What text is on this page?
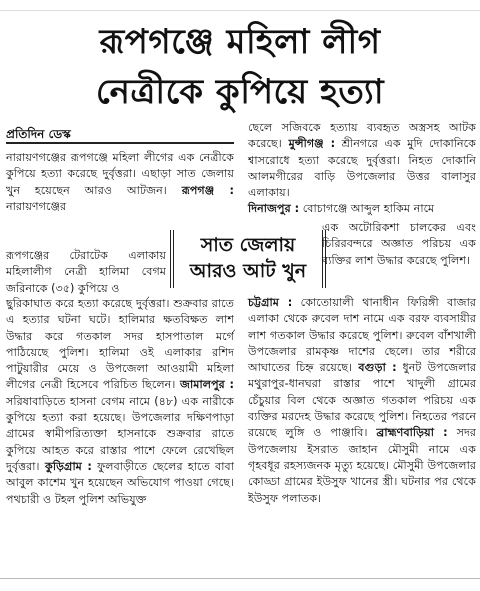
রূপগঞ্জে মহিলা লীগ
নেত্রীকে কুপিয়ে হত্যা
প্রতিদিন ডেস্ক

নারায়ণগঞ্জের রূপগঞ্জে মহিলা লীগের এক নেত্রীকে কুপিয়ে হত্যা করেছে দুর্বৃত্তরা। এছাড়া সাত জেলায় খুন হয়েছেন আরও আটজন। রূপগঞ্জ : নারায়ণগঞ্জের

রূপগঞ্জের টেরাটেক এলাকায় মহিলালীগ নেত্রী হালিমা বেগম জরিনাকে (৩৫) কুপিয়ে ও

সাত জেলায়
আরও আট খুন

ছুরিকাঘাত করে হত্যা করেছে দুর্বৃত্তরা। শুক্রবার রাতে এ হত্যার ঘটনা ঘটে। হালিমার ক্ষতবিক্ষত লাশ উদ্ধার করে গতকাল সদর হাসপাতাল মর্গে পাঠিয়েছে পুলিশ। হালিমা ওই এলাকার রশিদ পাটুয়ারীর মেয়ে ও উপজেলা আওয়ামী মহিলা লীগের নেত্রী হিসেবে পরিচিত ছিলেন। জামালপুর : সরিষাবাড়িতে হাসনা বেগম নামে (৪৮) এক নারীকে কুপিয়ে হত্যা করা হয়েছে। উপজেলার দক্ষিণপাড়া গ্রামের স্বামীপরিত্যক্তা হাসনাকে শুক্রবার রাতে কুপিয়ে আহত করে রাস্তার পাশে ফেলে রেখেছিল দুর্বৃত্তরা। কুড়িগ্রাম : ফুলবাড়ীতে ছেলের হাতে বাবা আবুল কাশেম খুন হয়েছেন অভিযোগ পাওয়া গেছে। পথচারী ও টহল পুলিশ অভিযুক্ত

ছেলে সজিবকে হত্যায় ব্যবহৃত অস্ত্রসহ আটক করেছে। মুন্সীগঞ্জ : শ্রীনগরে এক মুদি দোকানিকে শ্বাসরোধে হত্যা করেছে দুর্বৃত্তরা। নিহত দোকানি আলমগীরের বাড়ি উপজেলার উত্তর বালাসুর এলাকায়।
দিনাজপুর : বোচাগঞ্জে আব্দুল হাকিম নামে

এক অটোরিকশা চালকের এবং চিরিরবন্দরে অজ্ঞাত পরিচয় এক ব্যক্তির লাশ উদ্ধার করেছে পুলিশ।

চট্টগ্রাম : কোতোয়ালী থানাধীন ফিরিঙ্গী বাজার এলাকা থেকে রুবেল দাশ নামে এক বরফ ব্যবসায়ীর লাশ গতকাল উদ্ধার করেছে পুলিশ। রুবেল বাঁশখালী উপজেলার রামকৃষ্ণ দাশের ছেলে। তার শরীরে আঘাতের চিহ্ন রয়েছে। বগুড়া : ধুনট উপজেলার মথুরাপুর-ধানঘরা রাস্তার পাশে খাদুলী গ্রামের চেঁচুয়ার বিল থেকে অজ্ঞাত গতকাল পরিচয় এক ব্যক্তির মরদেহ উদ্ধার করেছে পুলিশ। নিহতের পরনে রয়েছে লুঙ্গি ও পাঞ্জাবি। ব্রাহ্মণবাড়িয়া : সদর উপজেলায় ইসরাত জাহান মৌসুমী নামে এক গৃহবধূর রহস্যজনক মৃত্যু হয়েছে। মৌসুমী উপজেলার কোড্ডা গ্রামের ইউসুফ খানের স্ত্রী। ঘটনার পর থেকে ইউসুফ পলাতক।
